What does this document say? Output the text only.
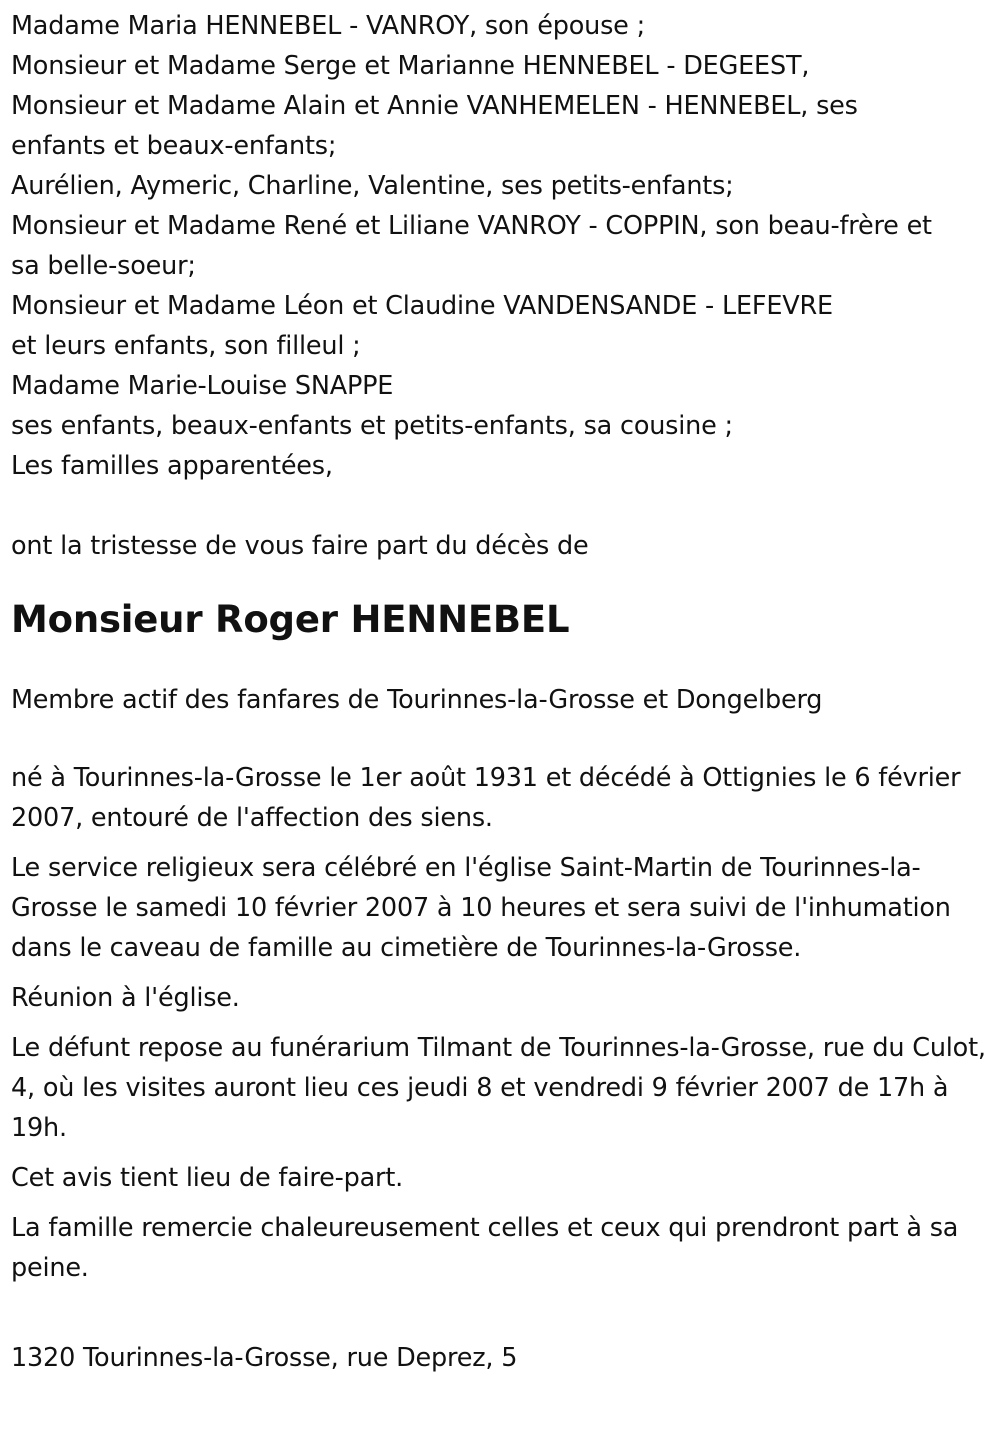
Madame Maria HENNEBEL - VANROY, son épouse ;
Monsieur et Madame Serge et Marianne HENNEBEL - DEGEEST,
Monsieur et Madame Alain et Annie VANHEMELEN - HENNEBEL, ses
enfants et beaux-enfants;
Aurélien, Aymeric, Charline, Valentine, ses petits-enfants;
Monsieur et Madame René et Liliane VANROY - COPPIN, son beau-frère et
sa belle-soeur;
Monsieur et Madame Léon et Claudine VANDENSANDE - LEFEVRE
et leurs enfants, son filleul ;
Madame Marie-Louise SNAPPE
ses enfants, beaux-enfants et petits-enfants, sa cousine ;
Les familles apparentées,
ont la tristesse de vous faire part du décès de
Monsieur Roger HENNEBEL
Membre actif des fanfares de Tourinnes-la-Grosse et Dongelberg
né à Tourinnes-la-Grosse le 1er août 1931 et décédé à Ottignies le 6 février 2007, entouré de l'affection des siens.
Le service religieux sera célébré en l'église Saint-Martin de Tourinnes-la-Grosse le samedi 10 février 2007 à 10 heures et sera suivi de l'inhumation dans le caveau de famille au cimetière de Tourinnes-la-Grosse.
Réunion à l'église.
Le défunt repose au funérarium Tilmant de Tourinnes-la-Grosse, rue du Culot, 4, où les visites auront lieu ces jeudi 8 et vendredi 9 février 2007 de 17h à 19h.
Cet avis tient lieu de faire-part.
La famille remercie chaleureusement celles et ceux qui prendront part à sa peine.
1320 Tourinnes-la-Grosse, rue Deprez, 5
